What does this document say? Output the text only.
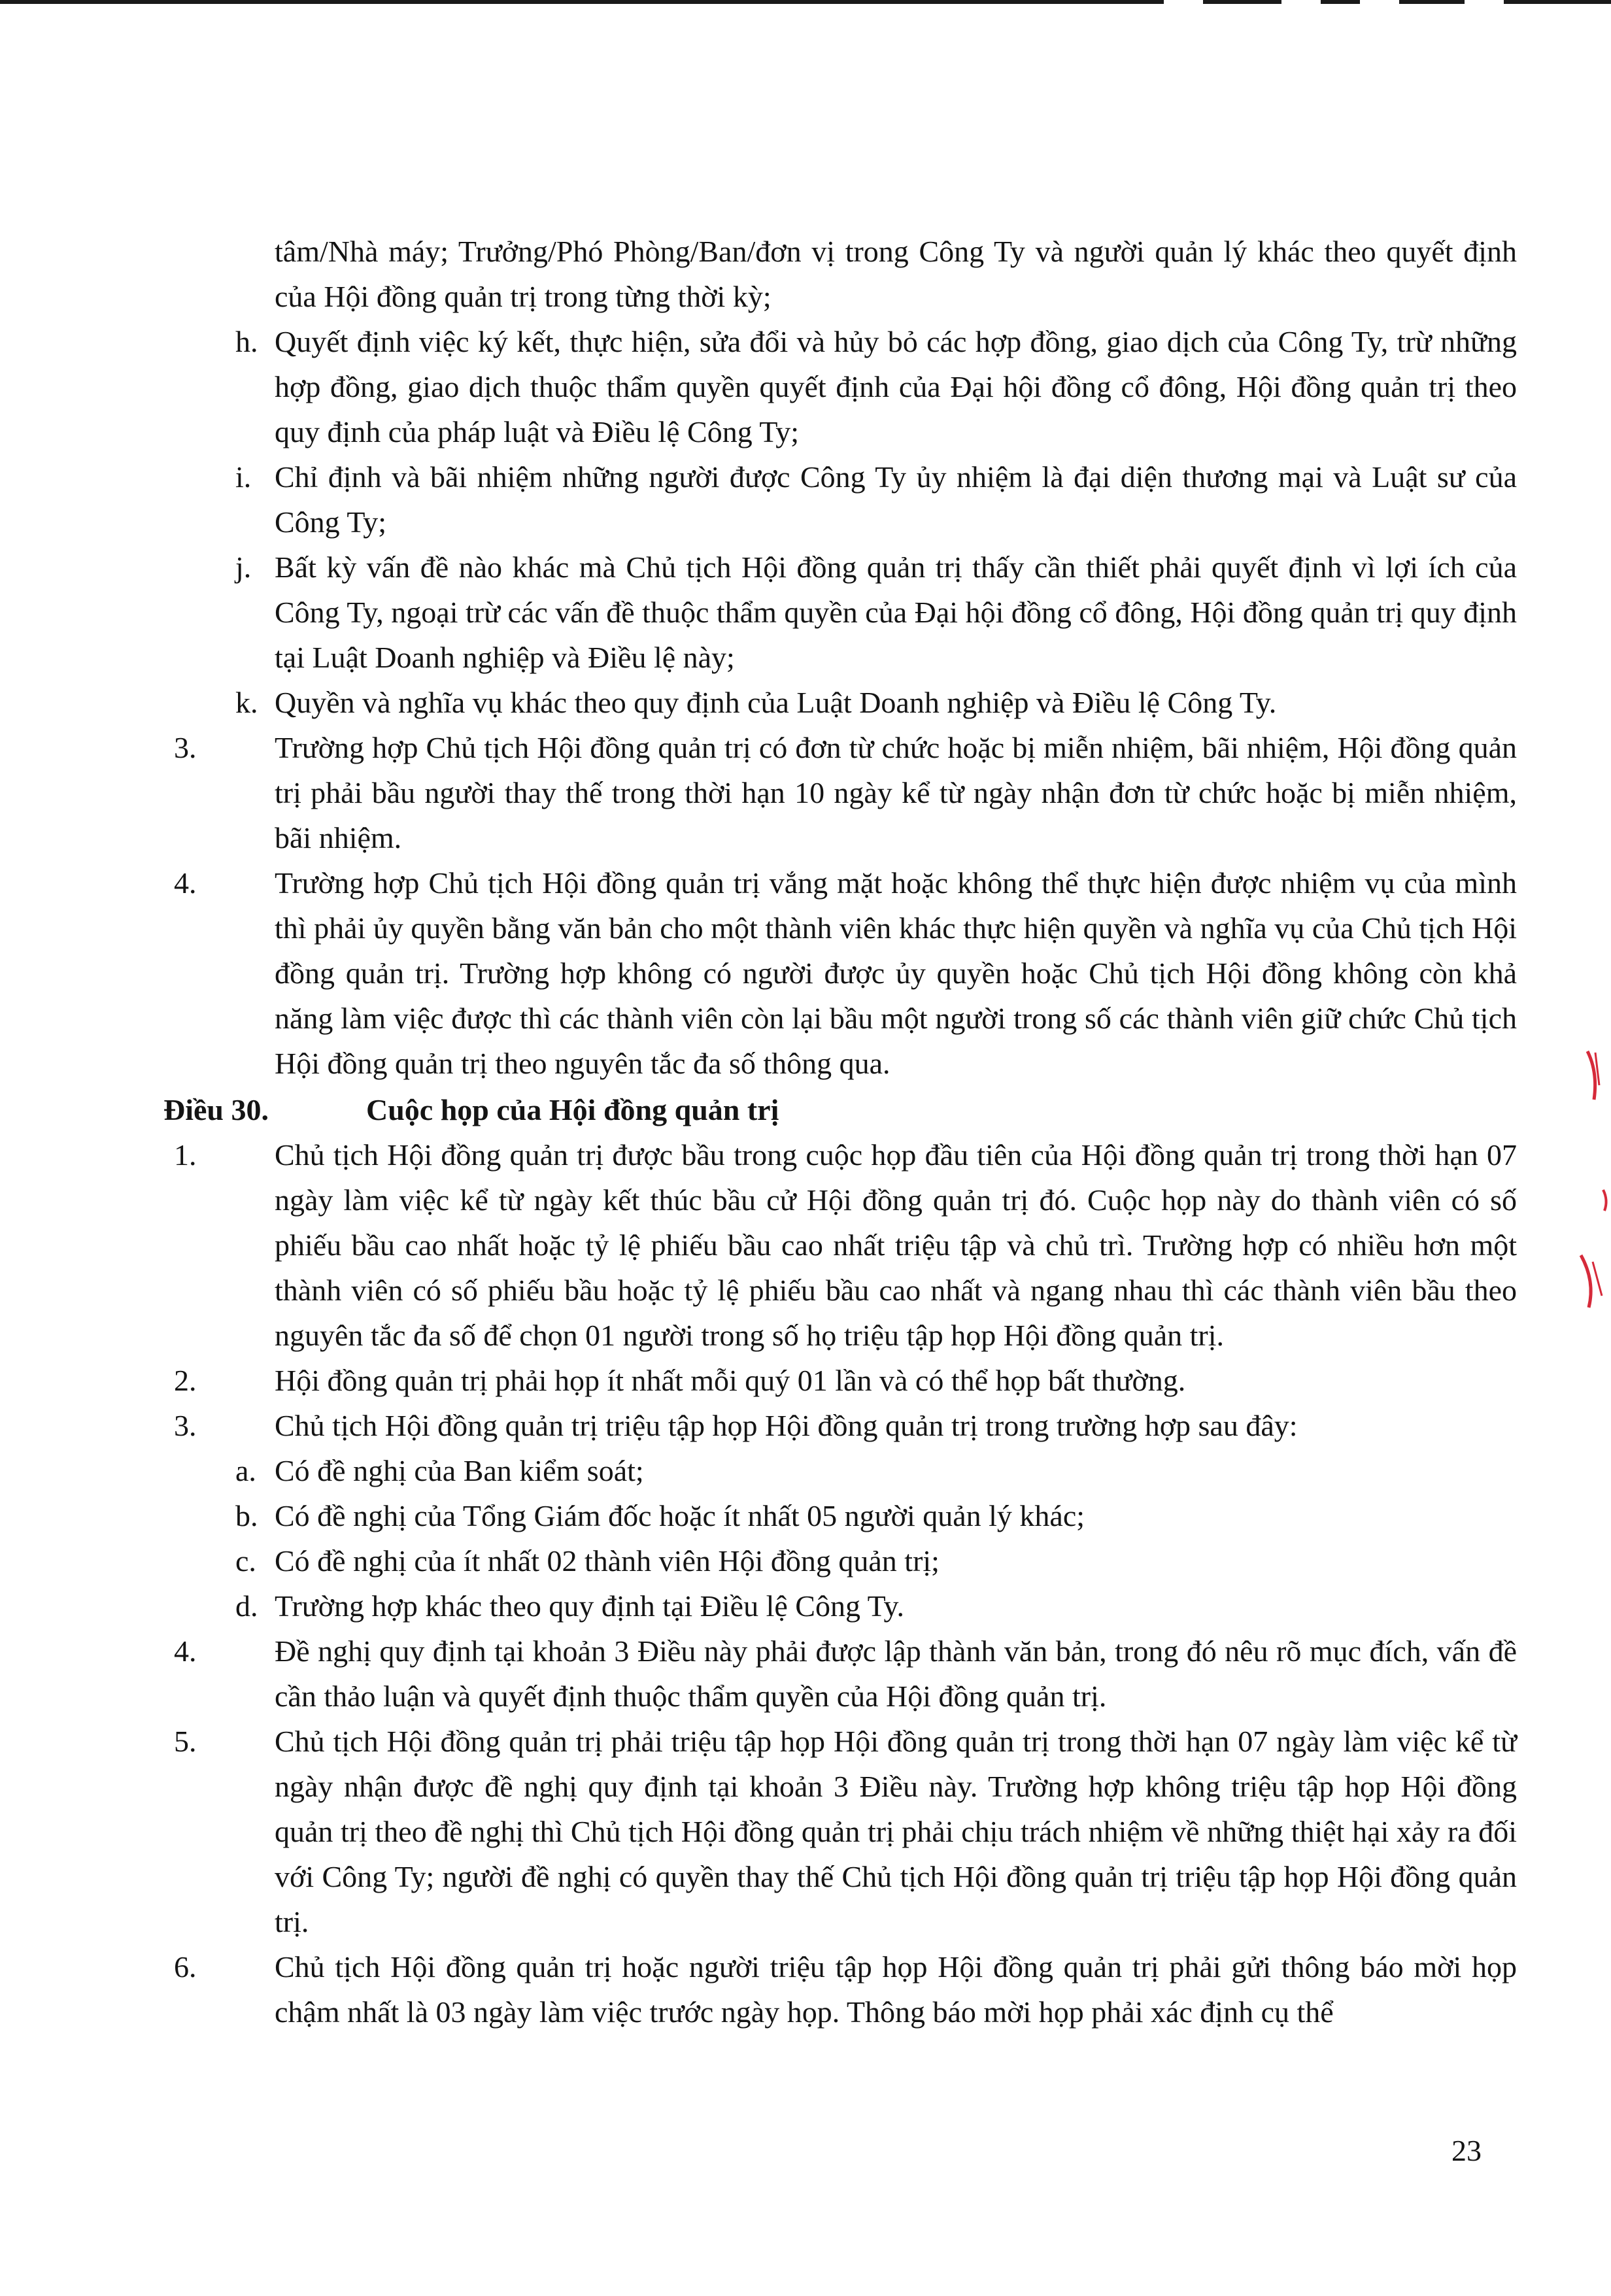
tâm/Nhà máy; Trưởng/Phó Phòng/Ban/đơn vị trong Công Ty và người quản lý khác theo quyết định của Hội đồng quản trị trong từng thời kỳ;
h. Quyết định việc ký kết, thực hiện, sửa đổi và hủy bỏ các hợp đồng, giao dịch của Công Ty, trừ những hợp đồng, giao dịch thuộc thẩm quyền quyết định của Đại hội đồng cổ đông, Hội đồng quản trị theo quy định của pháp luật và Điều lệ Công Ty;
i. Chỉ định và bãi nhiệm những người được Công Ty ủy nhiệm là đại diện thương mại và Luật sư của Công Ty;
j. Bất kỳ vấn đề nào khác mà Chủ tịch Hội đồng quản trị thấy cần thiết phải quyết định vì lợi ích của Công Ty, ngoại trừ các vấn đề thuộc thẩm quyền của Đại hội đồng cổ đông, Hội đồng quản trị quy định tại Luật Doanh nghiệp và Điều lệ này;
k. Quyền và nghĩa vụ khác theo quy định của Luật Doanh nghiệp và Điều lệ Công Ty.
3.	Trường hợp Chủ tịch Hội đồng quản trị có đơn từ chức hoặc bị miễn nhiệm, bãi nhiệm, Hội đồng quản trị phải bầu người thay thế trong thời hạn 10 ngày kể từ ngày nhận đơn từ chức hoặc bị miễn nhiệm, bãi nhiệm.
4.	Trường hợp Chủ tịch Hội đồng quản trị vắng mặt hoặc không thể thực hiện được nhiệm vụ của mình thì phải ủy quyền bằng văn bản cho một thành viên khác thực hiện quyền và nghĩa vụ của Chủ tịch Hội đồng quản trị. Trường hợp không có người được ủy quyền hoặc Chủ tịch Hội đồng không còn khả năng làm việc được thì các thành viên còn lại bầu một người trong số các thành viên giữ chức Chủ tịch Hội đồng quản trị theo nguyên tắc đa số thông qua.
Điều 30.	Cuộc họp của Hội đồng quản trị
1.	Chủ tịch Hội đồng quản trị được bầu trong cuộc họp đầu tiên của Hội đồng quản trị trong thời hạn 07 ngày làm việc kể từ ngày kết thúc bầu cử Hội đồng quản trị đó. Cuộc họp này do thành viên có số phiếu bầu cao nhất hoặc tỷ lệ phiếu bầu cao nhất triệu tập và chủ trì. Trường hợp có nhiều hơn một thành viên có số phiếu bầu hoặc tỷ lệ phiếu bầu cao nhất và ngang nhau thì các thành viên bầu theo nguyên tắc đa số để chọn 01 người trong số họ triệu tập họp Hội đồng quản trị.
2.	Hội đồng quản trị phải họp ít nhất mỗi quý 01 lần và có thể họp bất thường.
3.	Chủ tịch Hội đồng quản trị triệu tập họp Hội đồng quản trị trong trường hợp sau đây:
a. Có đề nghị của Ban kiểm soát;
b. Có đề nghị của Tổng Giám đốc hoặc ít nhất 05 người quản lý khác;
c. Có đề nghị của ít nhất 02 thành viên Hội đồng quản trị;
d. Trường hợp khác theo quy định tại Điều lệ Công Ty.
4.	Đề nghị quy định tại khoản 3 Điều này phải được lập thành văn bản, trong đó nêu rõ mục đích, vấn đề cần thảo luận và quyết định thuộc thẩm quyền của Hội đồng quản trị.
5.	Chủ tịch Hội đồng quản trị phải triệu tập họp Hội đồng quản trị trong thời hạn 07 ngày làm việc kể từ ngày nhận được đề nghị quy định tại khoản 3 Điều này. Trường hợp không triệu tập họp Hội đồng quản trị theo đề nghị thì Chủ tịch Hội đồng quản trị phải chịu trách nhiệm về những thiệt hại xảy ra đối với Công Ty; người đề nghị có quyền thay thế Chủ tịch Hội đồng quản trị triệu tập họp Hội đồng quản trị.
6.	Chủ tịch Hội đồng quản trị hoặc người triệu tập họp Hội đồng quản trị phải gửi thông báo mời họp chậm nhất là 03 ngày làm việc trước ngày họp. Thông báo mời họp phải xác định cụ thể
23
